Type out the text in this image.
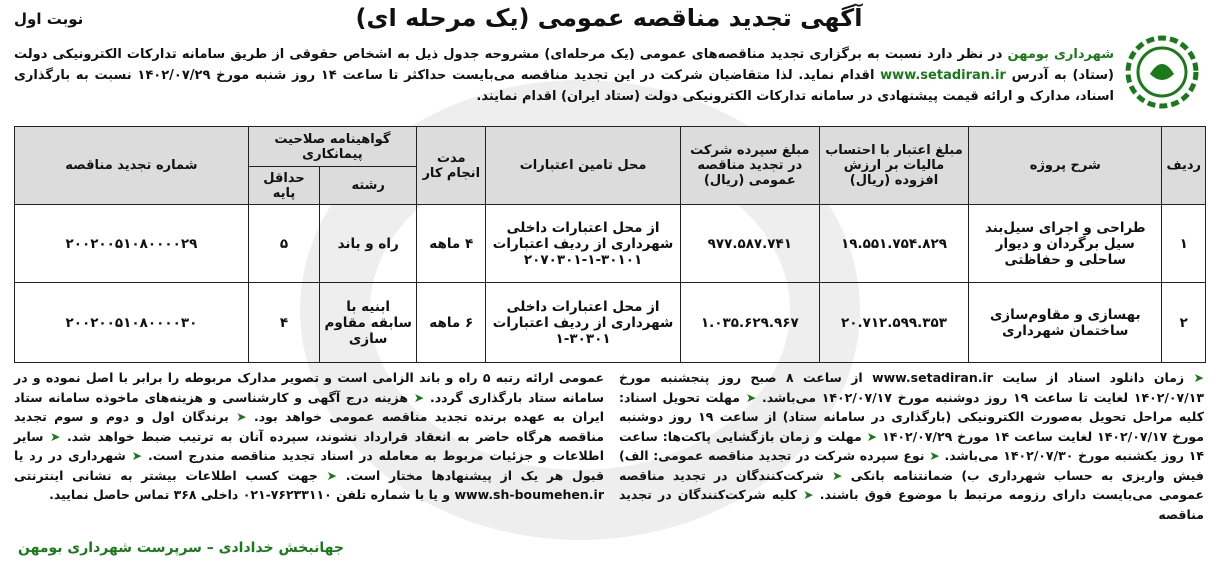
نوبت اول	آگهی تجدید مناقصه عمومی (یک مرحله ای)
شهرداری بومهن در نظر دارد نسبت به برگزاری تجدید مناقصه‌های عمومی (یک مرحله‌ای) مشروحه جدول ذیل به اشخاص حقوقی از طریق سامانه تدارکات الکترونیکی دولت (ستاد) به آدرس www.setadiran.ir اقدام نماید. لذا متقاضیان شرکت در این تجدید مناقصه می‌بایست حداکثر تا ساعت ۱۴ روز شنبه مورخ ۱۴۰۲/۰۷/۲۹ نسبت به بارگذاری اسناد، مدارک و ارائه قیمت پیشنهادی در سامانه تدارکات الکترونیکی دولت (ستاد ایران) اقدام نمایند.
ردیف	شرح پروژه	مبلغ اعتبار با احتساب مالیات بر ارزش افزوده (ریال)	مبلغ سپرده شرکت در تجدید مناقصه عمومی (ریال)	محل تامین اعتبارات	مدت انجام کار	گواهینامه صلاحیت پیمانکاری		شماره تجدید مناقصه
						رشته	حداقل پایه	
۱	طراحی و اجرای سیل‌بند سیل برگردان و دیوار ساحلی و حفاظتی	۱۹.۵۵۱.۷۵۴.۸۲۹	۹۷۷.۵۸۷.۷۴۱	از محل اعتبارات داخلی شهرداری از ردیف اعتبارات ۳۰۱۰۱-۱-۲۰۷۰۳۰۱	۴ ماهه	راه و باند	۵	۲۰۰۲۰۰۵۱۰۸۰۰۰۰۲۹
۲	بهسازی و مقاوم‌سازی ساختمان شهرداری	۲۰.۷۱۲.۵۹۹.۳۵۳	۱.۰۳۵.۶۲۹.۹۶۷	از محل اعتبارات داخلی شهرداری از ردیف اعتبارات ۳۰۳۰۱-۱	۶ ماهه	ابنیه با سابقه مقاوم سازی	۴	۲۰۰۲۰۰۵۱۰۸۰۰۰۰۳۰
➤ زمان دانلود اسناد از سایت www.setadiran.ir از ساعت ۸ صبح روز پنجشنبه مورخ ۱۴۰۲/۰۷/۱۳ لغایت تا ساعت ۱۹ روز دوشنبه مورخ ۱۴۰۲/۰۷/۱۷ می‌باشد. ➤ مهلت تحویل اسناد: کلیه مراحل تحویل به‌صورت الکترونیکی (بارگذاری در سامانه ستاد) از ساعت ۱۹ روز دوشنبه مورخ ۱۴۰۲/۰۷/۱۷ لغایت ساعت ۱۴ مورخ ۱۴۰۲/۰۷/۲۹ ➤ مهلت و زمان بازگشایی پاکت‌ها: ساعت ۱۴ روز یکشنبه مورخ ۱۴۰۲/۰۷/۳۰ می‌باشد. ➤ نوع سپرده شرکت در تجدید مناقصه عمومی: الف) فیش واریزی به حساب شهرداری ب) ضمانتنامه بانکی ➤ شرکت‌کنندگان در تجدید مناقصه عمومی می‌بایست دارای رزومه مرتبط با موضوع فوق باشند. ➤ کلیه شرکت‌کنندگان در تجدید مناقصه
عمومی ارائه رتبه ۵ راه و باند الزامی است و تصویر مدارک مربوطه را برابر با اصل نموده و در سامانه ستاد بارگذاری گردد. ➤ هزینه درج آگهی و کارشناسی و هزینه‌های ماخوذه سامانه ستاد ایران به عهده برنده تجدید مناقصه عمومی خواهد بود. ➤ برندگان اول و دوم و سوم تجدید مناقصه هرگاه حاضر به انعقاد قرارداد نشوند، سپرده آنان به ترتیب ضبط خواهد شد. ➤ سایر اطلاعات و جزئیات مربوط به معامله در اسناد تجدید مناقصه مندرج است. ➤ شهرداری در رد یا قبول هر یک از پیشنهادها مختار است. ➤ جهت کسب اطلاعات بیشتر به نشانی اینترنتی www.sh-boumehen.ir و یا با شماره تلفن ۷۶۲۳۳۱۱۰-۰۲۱ داخلی ۳۶۸ تماس حاصل نمایید.
جهانبخش خدادادی – سرپرست شهرداری بومهن
